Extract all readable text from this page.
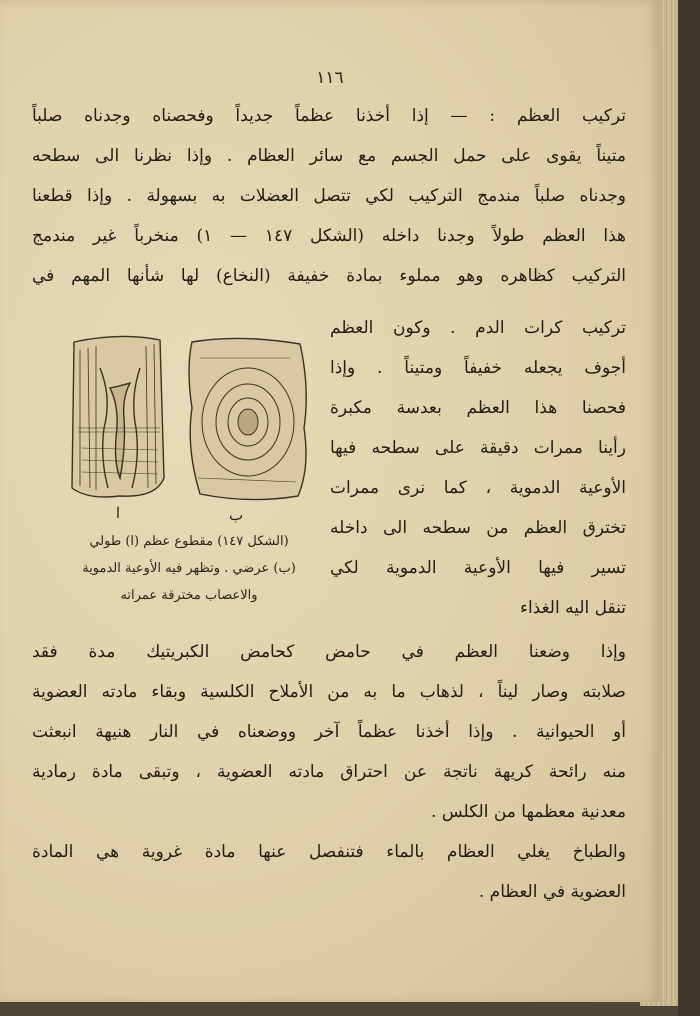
١١٦
تركيب العظم : — إذا أخذنا عظماً جديداً وفحصناه وجدناه صلباً
متيناً يقوى على حمل الجسم مع سائر العظام . وإذا نظرنا الى سطحه
وجدناه صلباً مندمج التركيب لكي تتصل العضلات به بسهولة . وإذا قطعنا
هذا العظم طولاً وجدنا داخله (الشكل ١٤٧ — ١) منخرباً غير مندمج
التركيب كظاهره وهو مملوء بمادة خفيفة (النخاع) لها شأنها المهم في
تركيب كرات الدم . وكون العظم
أجوف يجعله خفيفاً ومتيناً . وإذا
فحصنا هذا العظم بعدسة مكبرة
رأينا ممرات دقيقة على سطحه فيها
الأوعية الدموية ، كما نرى ممرات
تخترق العظم من سطحه الى داخله
تسير فيها الأوعية الدموية لكي
تنقل اليه الغذاء
ا	ب
(الشكل ١٤٧) مقطوع عظم (ا) طولي
(ب) عرضي . وتظهر فيه الأوعية الدموية
والاعصاب مخترقة عمراته
وإذا وضعنا العظم في حامض كحامض الكبريتيك مدة فقد
صلابته وصار ليناً ، لذهاب ما به من الأملاح الكلسية وبقاء مادته العضوية
أو الحيوانية . وإذا أخذنا عظماً آخر ووضعناه في النار هنيهة انبعثت
منه رائحة كريهة ناتجة عن احتراق مادته العضوية ، وتبقى مادة رمادية
معدنية معظمها من الكلس .
والطباخ يغلي العظام بالماء فتنفصل عنها مادة غروية هي المادة
العضوية في العظام .
